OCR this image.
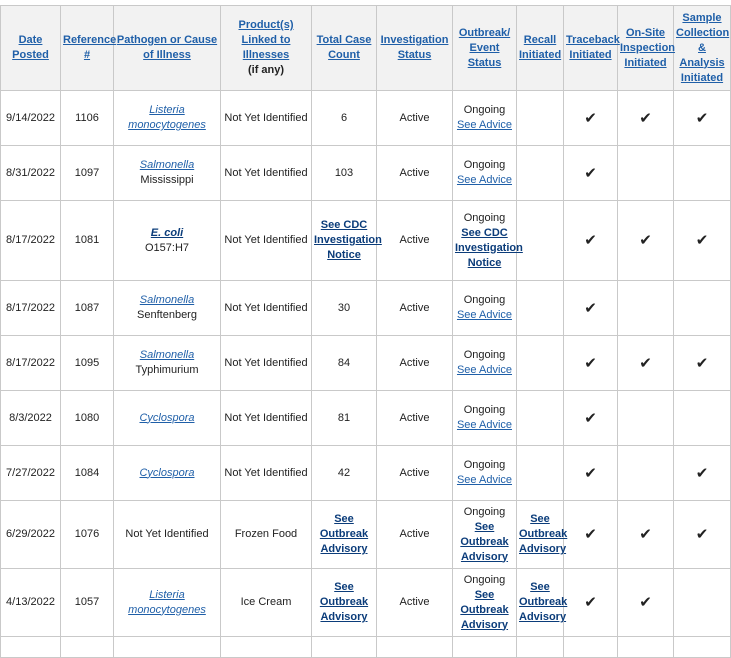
Date Posted	Reference #	Pathogen or Cause of Illness	Product(s) Linked to Illnesses
(if any)	Total Case Count	Investigation Status	Outbreak/ Event Status	Recall Initiated	Traceback Initiated	On-Site Inspection Initiated	Sample Collection & Analysis Initiated
9/14/2022	1106	Listeria monocytogenes	Not Yet Identified	6	Active	Ongoing
See Advice		✔	✔	✔
8/31/2022	1097	Salmonella
Mississippi	Not Yet Identified	103	Active	Ongoing
See Advice		✔		
8/17/2022	1081	E. coli
O157:H7	Not Yet Identified	See CDC Investigation Notice	Active	Ongoing
See CDC Investigation Notice		✔	✔	✔
8/17/2022	1087	Salmonella
Senftenberg	Not Yet Identified	30	Active	Ongoing
See Advice		✔		
8/17/2022	1095	Salmonella
Typhimurium	Not Yet Identified	84	Active	Ongoing
See Advice		✔	✔	✔
8/3/2022	1080	Cyclospora	Not Yet Identified	81	Active	Ongoing
See Advice		✔		
7/27/2022	1084	Cyclospora	Not Yet Identified	42	Active	Ongoing
See Advice		✔		✔
6/29/2022	1076	Not Yet Identified	Frozen Food	See Outbreak Advisory	Active	Ongoing
See Outbreak Advisory	See Outbreak Advisory	✔	✔	✔
4/13/2022	1057	Listeria monocytogenes	Ice Cream	See Outbreak Advisory	Active	Ongoing
See Outbreak Advisory	See Outbreak Advisory	✔	✔	
